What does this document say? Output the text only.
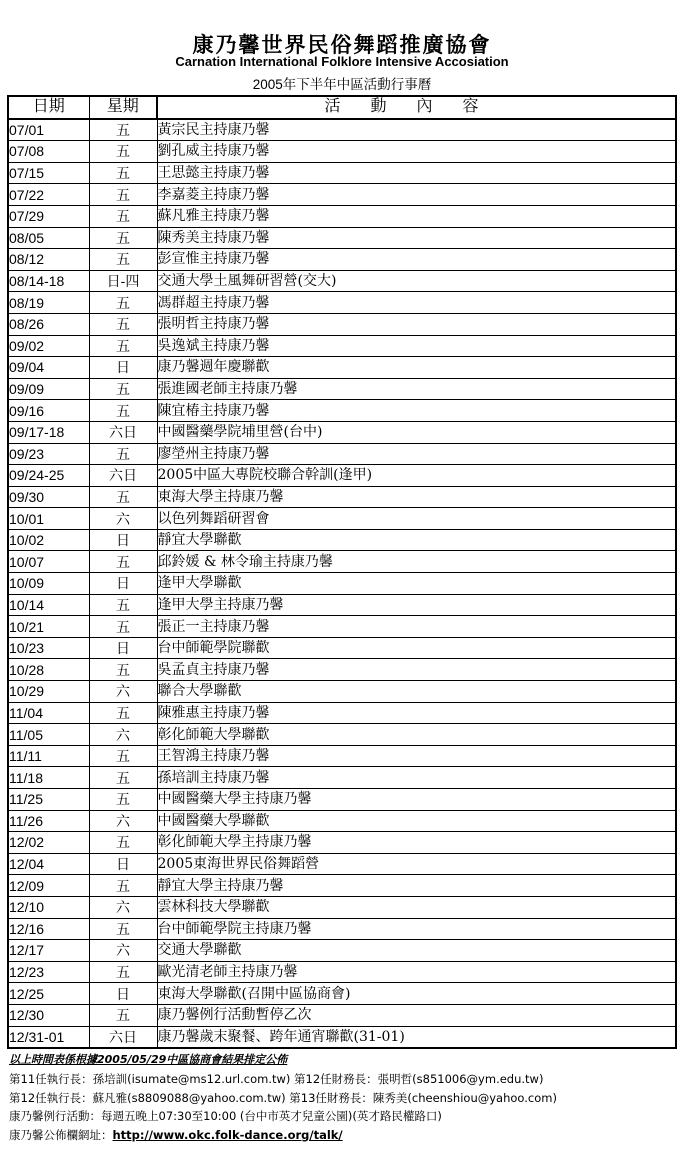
康乃馨世界民俗舞蹈推廣協會
Carnation International Folklore Intensive Accosiation
2005年下半年中區活動行事曆
日期	星期	活動內容
07/01	五	黃宗民主持康乃馨
07/08	五	劉孔威主持康乃馨
07/15	五	王思懿主持康乃馨
07/22	五	李嘉菱主持康乃馨
07/29	五	蘇凡雅主持康乃馨
08/05	五	陳秀美主持康乃馨
08/12	五	彭宣惟主持康乃馨
08/14-18	日-四	交通大學土風舞研習營(交大)
08/19	五	馮群超主持康乃馨
08/26	五	張明哲主持康乃馨
09/02	五	吳逸斌主持康乃馨
09/04	日	康乃馨週年慶聯歡
09/09	五	張進國老師主持康乃馨
09/16	五	陳宜椿主持康乃馨
09/17-18	六日	中國醫藥學院埔里營(台中)
09/23	五	廖塋州主持康乃馨
09/24-25	六日	2005中區大專院校聯合幹訓(逢甲)
09/30	五	東海大學主持康乃馨
10/01	六	以色列舞蹈研習會
10/02	日	靜宜大學聯歡
10/07	五	邱鈴媛 & 林令瑜主持康乃馨
10/09	日	逢甲大學聯歡
10/14	五	逢甲大學主持康乃馨
10/21	五	張正一主持康乃馨
10/23	日	台中師範學院聯歡
10/28	五	吳孟貞主持康乃馨
10/29	六	聯合大學聯歡
11/04	五	陳雅惠主持康乃馨
11/05	六	彰化師範大學聯歡
11/11	五	王智鴻主持康乃馨
11/18	五	孫培訓主持康乃馨
11/25	五	中國醫藥大學主持康乃馨
11/26	六	中國醫藥大學聯歡
12/02	五	彰化師範大學主持康乃馨
12/04	日	2005東海世界民俗舞蹈營
12/09	五	靜宜大學主持康乃馨
12/10	六	雲林科技大學聯歡
12/16	五	台中師範學院主持康乃馨
12/17	六	交通大學聯歡
12/23	五	歐光清老師主持康乃馨
12/25	日	東海大學聯歡(召開中區協商會)
12/30	五	康乃馨例行活動暫停乙次
12/31-01	六日	康乃馨歲末聚餐、跨年通宵聯歡(31-01)
以上時間表係根據2005/05/29中區協商會結果排定公佈
第11任執行長：孫培訓(isumate@ms12.url.com.tw) 第12任財務長：張明哲(s851006@ym.edu.tw)
第12任執行長：蘇凡雅(s8809088@yahoo.com.tw) 第13任財務長：陳秀美(cheenshiou@yahoo.com)
康乃馨例行活動：每週五晚上07:30至10:00 (台中市英才兒童公園)(英才路民權路口)
康乃馨公佈欄網址：http://www.okc.folk-dance.org/talk/
